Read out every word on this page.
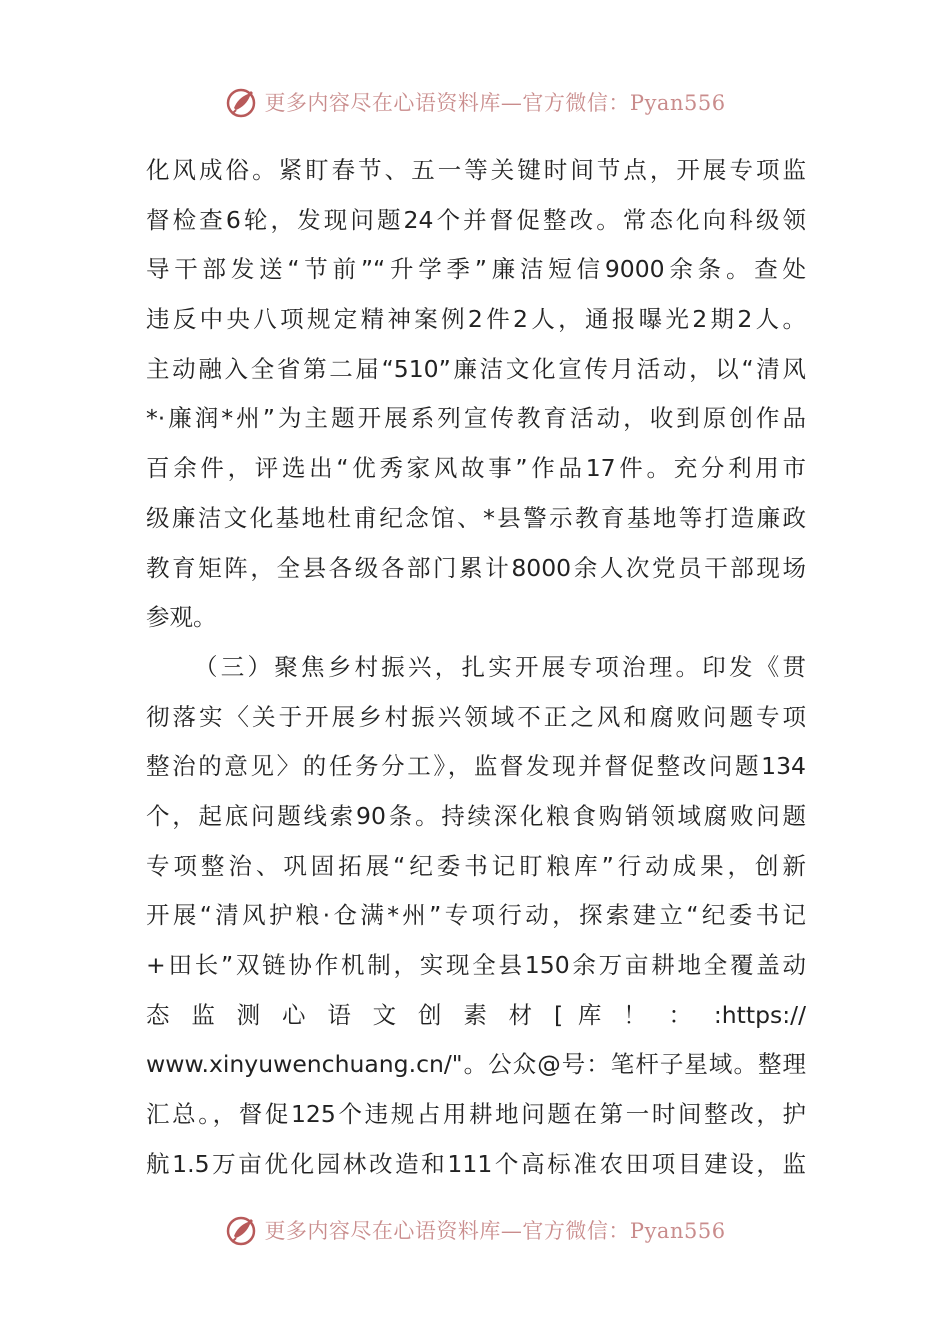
更多内容尽在心语资料库—官方微信：Pyan556
化风成俗。紧盯春节、五一等关键时间节点，开展专项监
督检查6轮，发现问题24个并督促整改。常态化向科级领
导干部发送“节前”“升学季”廉洁短信9000余条。查处
违反中央八项规定精神案例2件2人，通报曝光2期2人。
主动融入全省第二届“510”廉洁文化宣传月活动，以“清风
*·廉润*州”为主题开展系列宣传教育活动，收到原创作品
百余件，评选出“优秀家风故事”作品17件。充分利用市
级廉洁文化基地杜甫纪念馆、*县警示教育基地等打造廉政
教育矩阵，全县各级各部门累计8000余人次党员干部现场
参观。
（三）聚焦乡村振兴，扎实开展专项治理。印发《贯
彻落实〈关于开展乡村振兴领域不正之风和腐败问题专项
整治的意见〉的任务分工》，监督发现并督促整改问题134
个，起底问题线索90条。持续深化粮食购销领域腐败问题
专项整治、巩固拓展“纪委书记盯粮库”行动成果，创新
开展“清风护粮·仓满*州”专项行动，探索建立“纪委书记
+田长”双链协作机制，实现全县150余万亩耕地全覆盖动
态 监 测 心 语 文 创 素 材 [ 库 ！ ： :https://
www.xinyuwenchuang.cn/"。公众@号：笔杆子星域。整理
汇总。，督促125个违规占用耕地问题在第一时间整改，护
航1.5万亩优化园林改造和111个高标准农田项目建设，监
更多内容尽在心语资料库—官方微信：Pyan556
